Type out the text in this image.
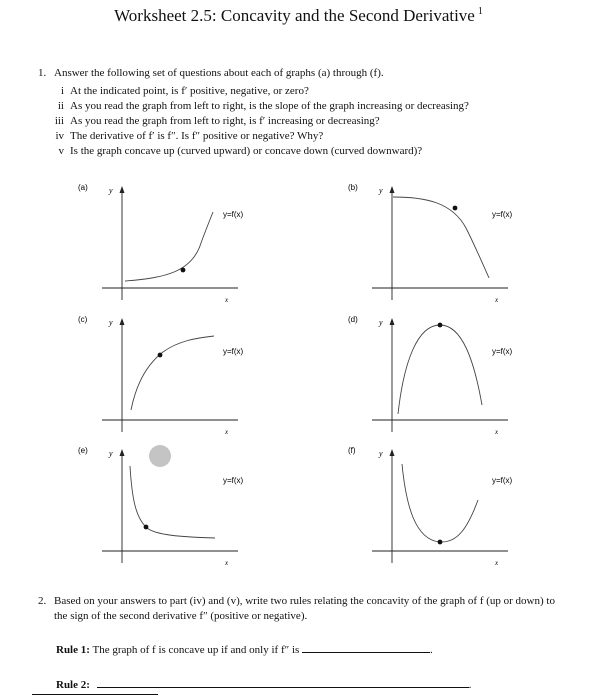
Worksheet 2.5: Concavity and the Second Derivative $^1$
1. Answer the following set of questions about each of graphs (a) through (f).
i At the indicated point, is f′ positive, negative, or zero?
ii As you read the graph from left to right, is the slope of the graph increasing or decreasing?
iii As you read the graph from left to right, is f′ increasing or decreasing?
iv The derivative of f′ is f″. Is f″ positive or negative? Why?
v Is the graph concave up (curved upward) or concave down (curved downward)?
(a)	y
x
y=f(x)
(b)	y
x
y=f(x)
(c)	y
x
y=f(x)
(d)	y
x
y=f(x)
(e)	y
x
y=f(x)
(f)	y
x
y=f(x)
2. Based on your answers to part (iv) and (v), write two rules relating the concavity of the graph of f (up or down) to the sign of the second derivative f″ (positive or negative).
Rule 1: The graph of f is concave up if and only if f″ is	.
Rule 2:	.
